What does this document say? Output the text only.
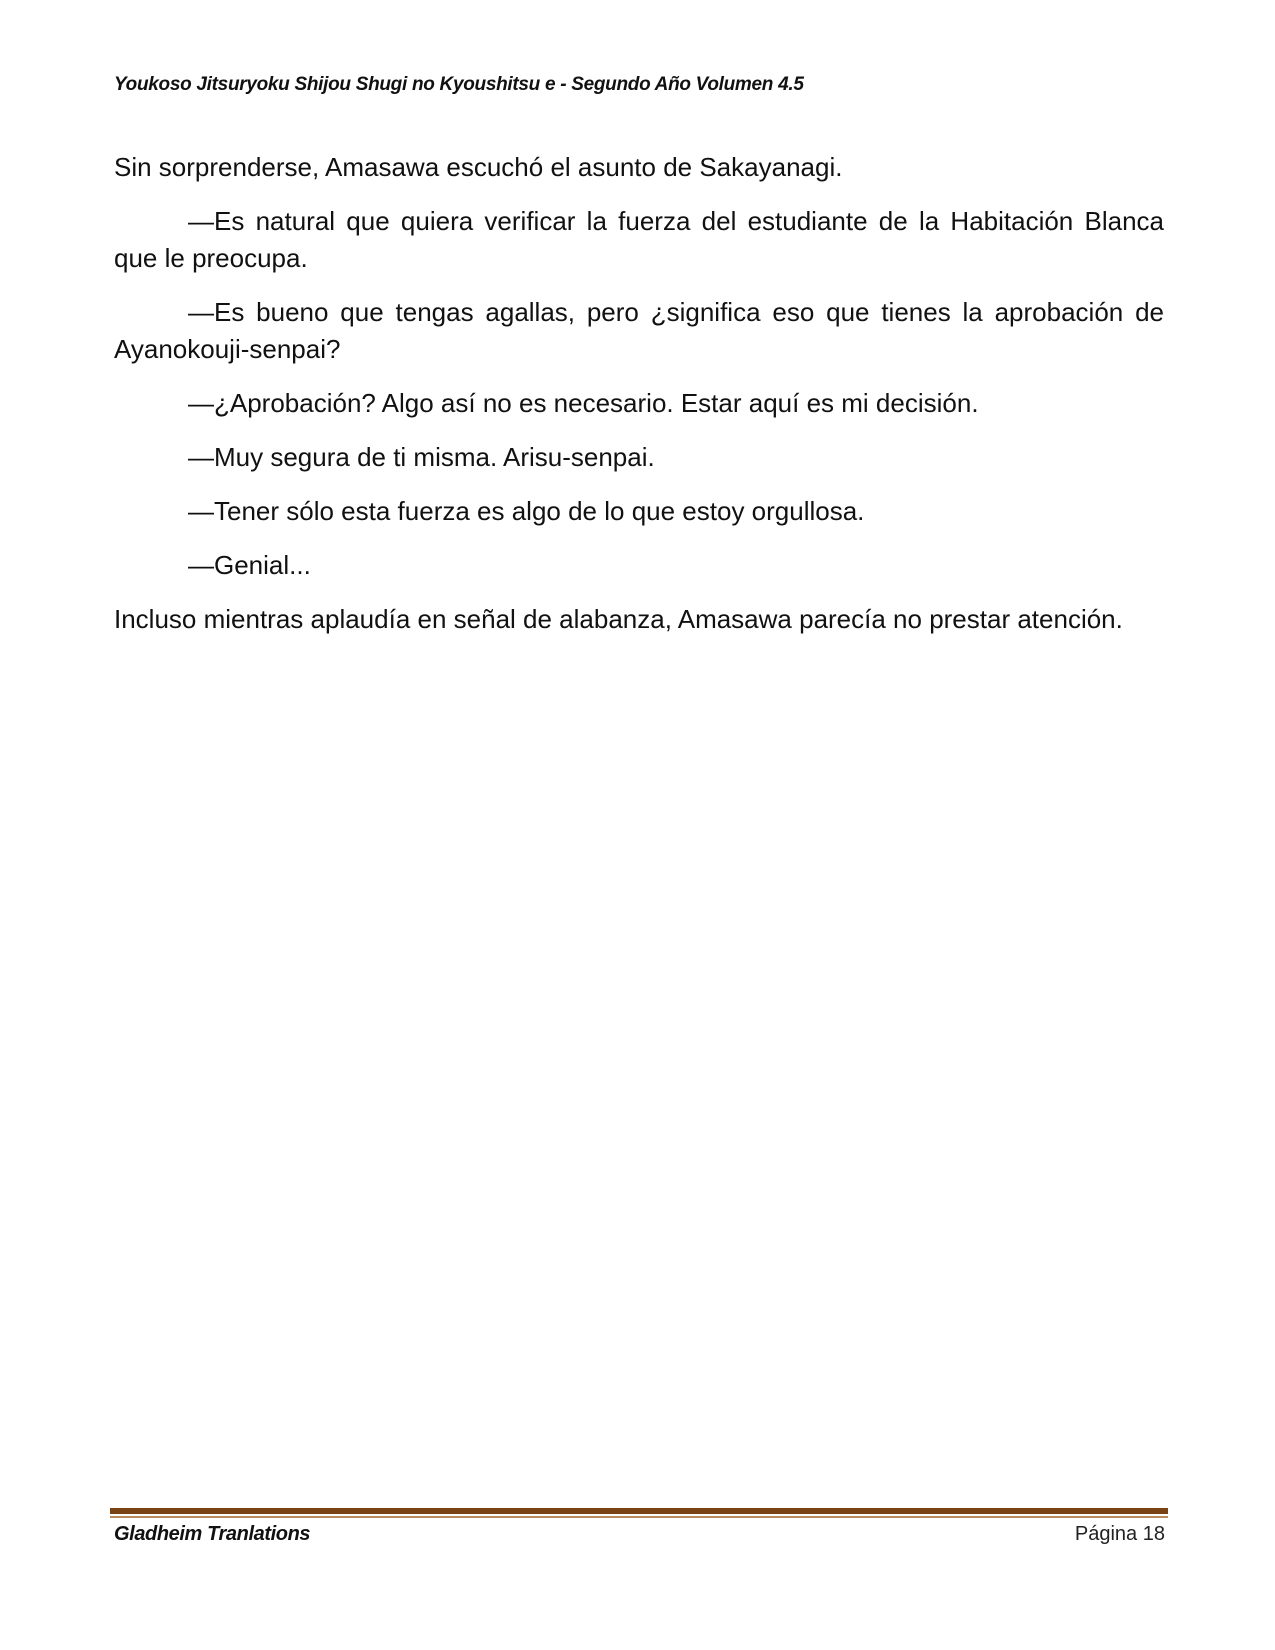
Youkoso Jitsuryoku Shijou Shugi no Kyoushitsu e - Segundo Año Volumen 4.5

Sin sorprenderse, Amasawa escuchó el asunto de Sakayanagi.

—Es natural que quiera verificar la fuerza del estudiante de la Habitación Blanca que le preocupa.

—Es bueno que tengas agallas, pero ¿significa eso que tienes la aprobación de Ayanokouji-senpai?

—¿Aprobación? Algo así no es necesario. Estar aquí es mi decisión.

—Muy segura de ti misma. Arisu-senpai.

—Tener sólo esta fuerza es algo de lo que estoy orgullosa.

—Genial...

Incluso mientras aplaudía en señal de alabanza, Amasawa parecía no prestar atención.

Gladheim Tranlations	Página 18
